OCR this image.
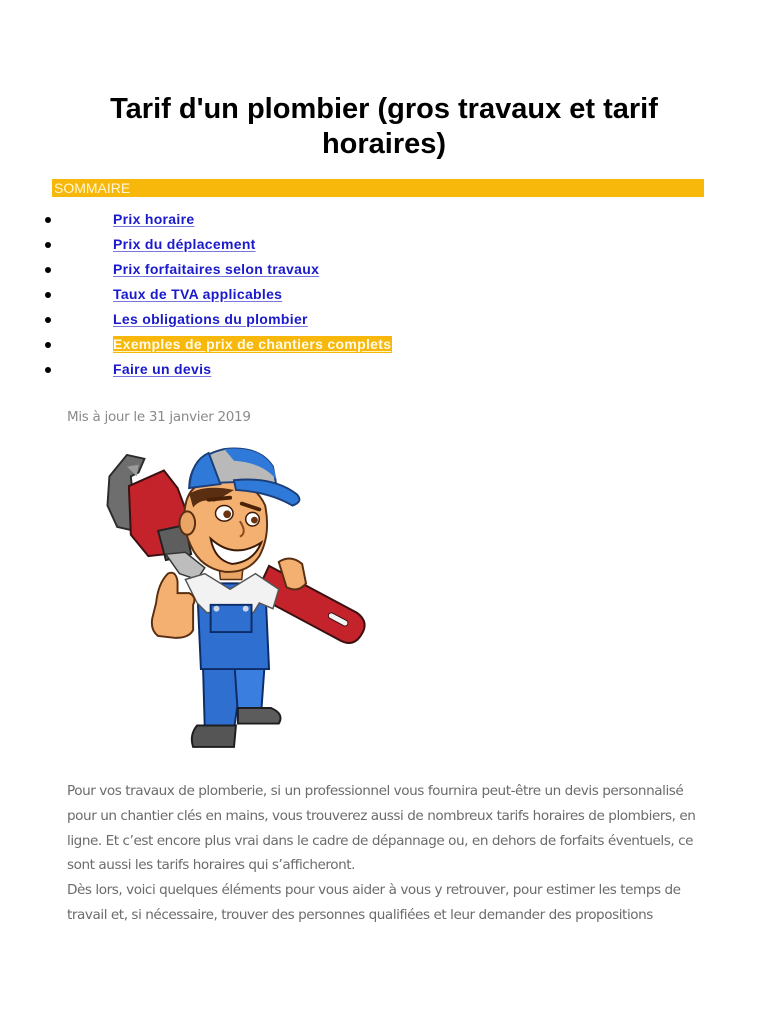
Tarif d'un plombier (gros travaux et tarif horaires)
SOMMAIRE
Prix horaire
Prix du déplacement
Prix forfaitaires selon travaux
Taux de TVA applicables
Les obligations du plombier
Exemples de prix de chantiers complets
Faire un devis
Mis à jour le 31 janvier 2019

Pour vos travaux de plomberie, si un professionnel vous fournira peut-être un devis personnalisé pour un chantier clés en mains, vous trouverez aussi de nombreux tarifs horaires de plombiers, en ligne. Et c’est encore plus vrai dans le cadre de dépannage ou, en dehors de forfaits éventuels, ce sont aussi les tarifs horaires qui s’afficheront.

Dès lors, voici quelques éléments pour vous aider à vous y retrouver, pour estimer les temps de travail et, si nécessaire, trouver des personnes qualifiées et leur demander des propositions
